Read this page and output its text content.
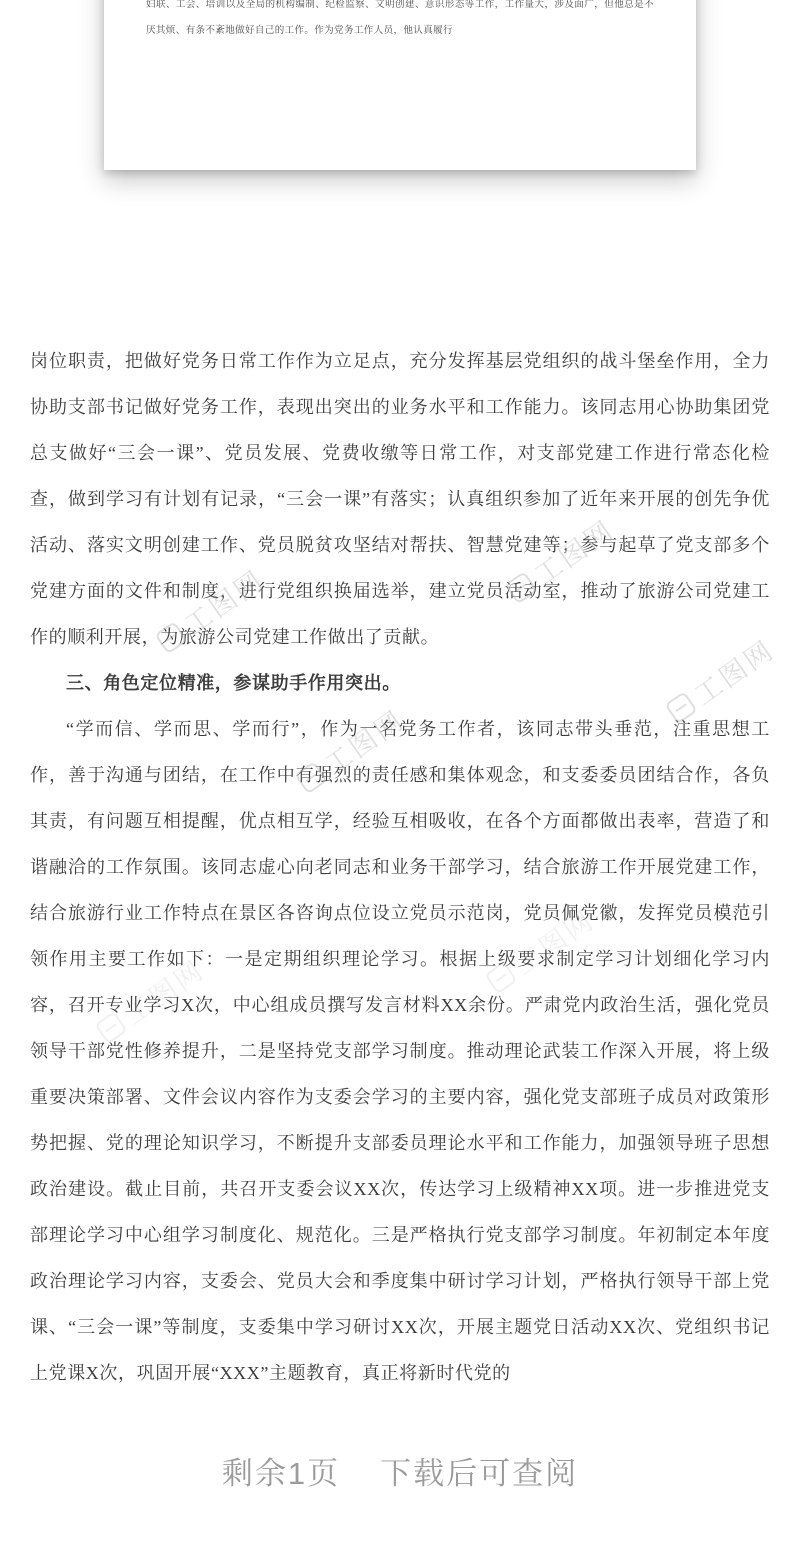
妇联、工会、培训以及全局的机构编制、纪检监察、文明创建、意识形态等工作，工作量大，涉及面广，但他总是不厌其烦、有条不紊地做好自己的工作。作为党务工作人员，他认真履行

岗位职责，把做好党务日常工作作为立足点，充分发挥基层党组织的战斗堡垒作用，全力协助支部书记做好党务工作，表现出突出的业务水平和工作能力。该同志用心协助集团党总支做好“三会一课”、党员发展、党费收缴等日常工作，对支部党建工作进行常态化检查，做到学习有计划有记录，“三会一课”有落实；认真组织参加了近年来开展的创先争优活动、落实文明创建工作、党员脱贫攻坚结对帮扶、智慧党建等；参与起草了党支部多个党建方面的文件和制度，进行党组织换届选举，建立党员活动室，推动了旅游公司党建工作的顺利开展，为旅游公司党建工作做出了贡献。

三、角色定位精准，参谋助手作用突出。

“学而信、学而思、学而行”，作为一名党务工作者，该同志带头垂范，注重思想工作，善于沟通与团结，在工作中有强烈的责任感和集体观念，和支委委员团结合作，各负其责，有问题互相提醒，优点相互学，经验互相吸收，在各个方面都做出表率，营造了和谐融洽的工作氛围。该同志虚心向老同志和业务干部学习，结合旅游工作开展党建工作，结合旅游行业工作特点在景区各咨询点位设立党员示范岗，党员佩党徽，发挥党员模范引领作用主要工作如下：一是定期组织理论学习。根据上级要求制定学习计划细化学习内容，召开专业学习X次，中心组成员撰写发言材料XX余份。严肃党内政治生活，强化党员领导干部党性修养提升，二是坚持党支部学习制度。推动理论武装工作深入开展，将上级重要决策部署、文件会议内容作为支委会学习的主要内容，强化党支部班子成员对政策形势把握、党的理论知识学习，不断提升支部委员理论水平和工作能力，加强领导班子思想政治建设。截止目前，共召开支委会议XX次，传达学习上级精神XX项。进一步推进党支部理论学习中心组学习制度化、规范化。三是严格执行党支部学习制度。年初制定本年度政治理论学习内容，支委会、党员大会和季度集中研讨学习计划，严格执行领导干部上党课、“三会一课”等制度，支委集中学习研讨XX次，开展主题党日活动XX次、党组织书记上党课X次，巩固开展“XXX”主题教育，真正将新时代党的

工图网
工图网
工图网
工图网
工图网
工图网
剩余1页 下载后可查阅
